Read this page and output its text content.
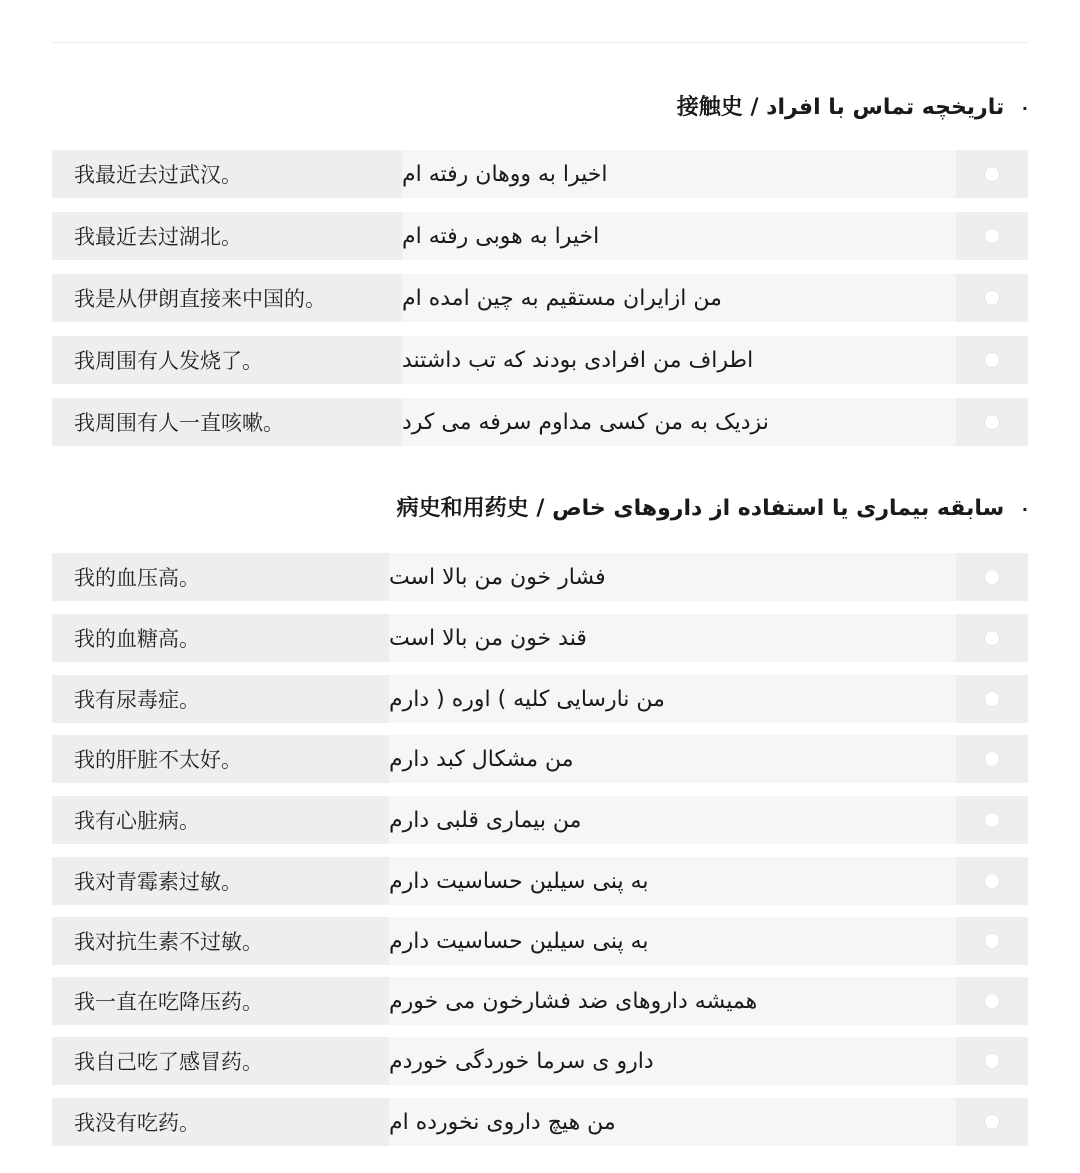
接触史 / تاریخچه تماس با افراد ·
我最近去过武汉。	اخیرا به ووهان رفته ام
我最近去过湖北。	اخیرا به هوبی رفته ام
我是从伊朗直接来中国的。	من ازایران مستقیم به چین امده ام
我周围有人发烧了。	اطراف من افرادی بودند که تب داشتند
我周围有人一直咳嗽。	نزدیک به من کسی مداوم سرفه می کرد
病史和用药史 / سابقه بیماری یا استفاده از داروهای خاص ·
我的血压高。	فشار خون من بالا است
我的血糖高。	قند خون من بالا است
我有尿毒症。	من نارسایی کلیه ) اوره ( دارم
我的肝脏不太好。	من مشکال کبد دارم
我有心脏病。	من بیماری قلبی دارم
我对青霉素过敏。	به پنی سیلین حساسیت دارم
我对抗生素不过敏。	به پنی سیلین حساسیت دارم
我一直在吃降压药。	همیشه داروهای ضد فشارخون می خورم
我自己吃了感冒药。	دارو ی سرما خوردگی خوردم
我没有吃药。	من هیچ داروی نخورده ام
